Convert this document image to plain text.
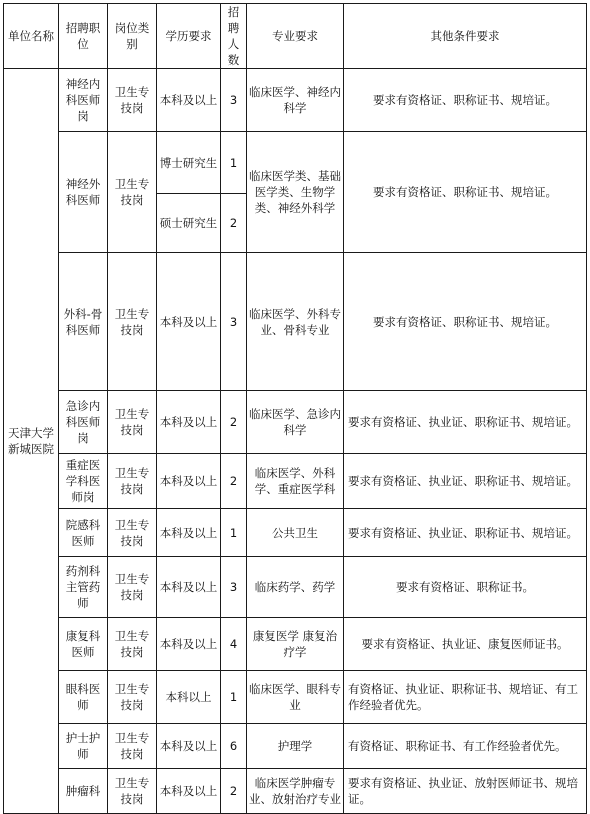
单位名称	招聘职位	岗位类别	学历要求	招聘人数	专业要求	其他条件要求
天津大学新城医院	神经内科医师岗	卫生专技岗	本科及以上	3	临床医学、神经内科学	要求有资格证、职称证书、规培证。
	神经外科医师	卫生专技岗	博士研究生	1	临床医学类、基础医学类、生物学类、神经外科学	要求有资格证、职称证书、规培证。
			硕士研究生	2		
	外科-骨科医师	卫生专技岗	本科及以上	3	临床医学、外科专业、骨科专业	要求有资格证、职称证书、规培证。
	急诊内科医师岗	卫生专技岗	本科及以上	2	临床医学、急诊内科学	要求有资格证、执业证、职称证书、规培证。
	重症医学科医师岗	卫生专技岗	本科及以上	2	临床医学、外科学、重症医学科	要求有资格证、执业证、职称证书、规培证。
	院感科医师	卫生专技岗	本科及以上	1	公共卫生	要求有资格证、执业证、职称证书、规培证。
	药剂科主管药师	卫生专技岗	本科及以上	3	临床药学、药学	要求有资格证、职称证书。
	康复科医师	卫生专技岗	本科及以上	4	康复医学 康复治疗学	要求有资格证、执业证、康复医师证书。
	眼科医师	卫生专技岗	本科以上	1	临床医学、眼科专业	有资格证、执业证、职称证书、规培证、有工作经验者优先。
	护士护师	卫生专技岗	本科及以上	6	护理学	有资格证、职称证书、有工作经验者优先。
	肿瘤科	卫生专技岗	本科及以上	2	临床医学肿瘤专业、放射治疗专业	要求有资格证、执业证、放射医师证书、规培证。
